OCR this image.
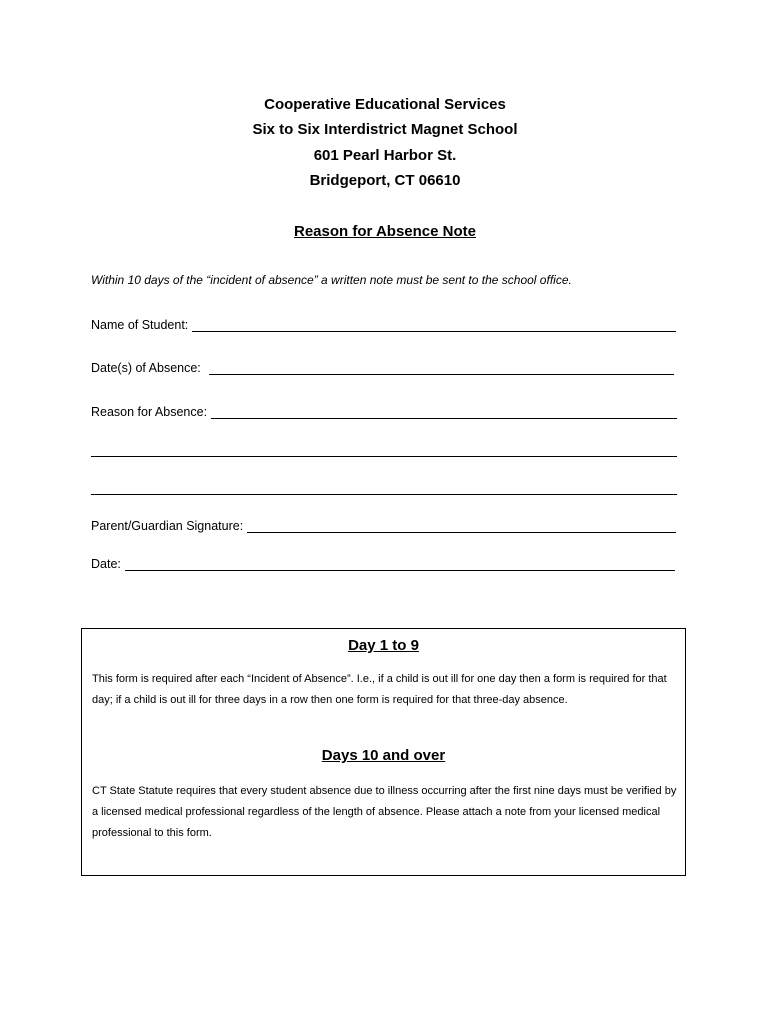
Cooperative Educational Services
Six to Six Interdistrict Magnet School
601 Pearl Harbor St.
Bridgeport, CT 06610
Reason for Absence Note
Within 10 days of the “incident of absence” a written note must be sent to the school office.
Name of Student:
Date(s) of Absence:
Reason for Absence:
Parent/Guardian Signature:
Date:
Day 1 to 9
This form is required after each “Incident of Absence”. I.e., if a child is out ill for one day then a form is required for that day; if a child is out ill for three days in a row then one form is required for that three-day absence.
Days 10 and over
CT State Statute requires that every student absence due to illness occurring after the first nine days must be verified by a licensed medical professional regardless of the length of absence. Please attach a note from your licensed medical professional to this form.
